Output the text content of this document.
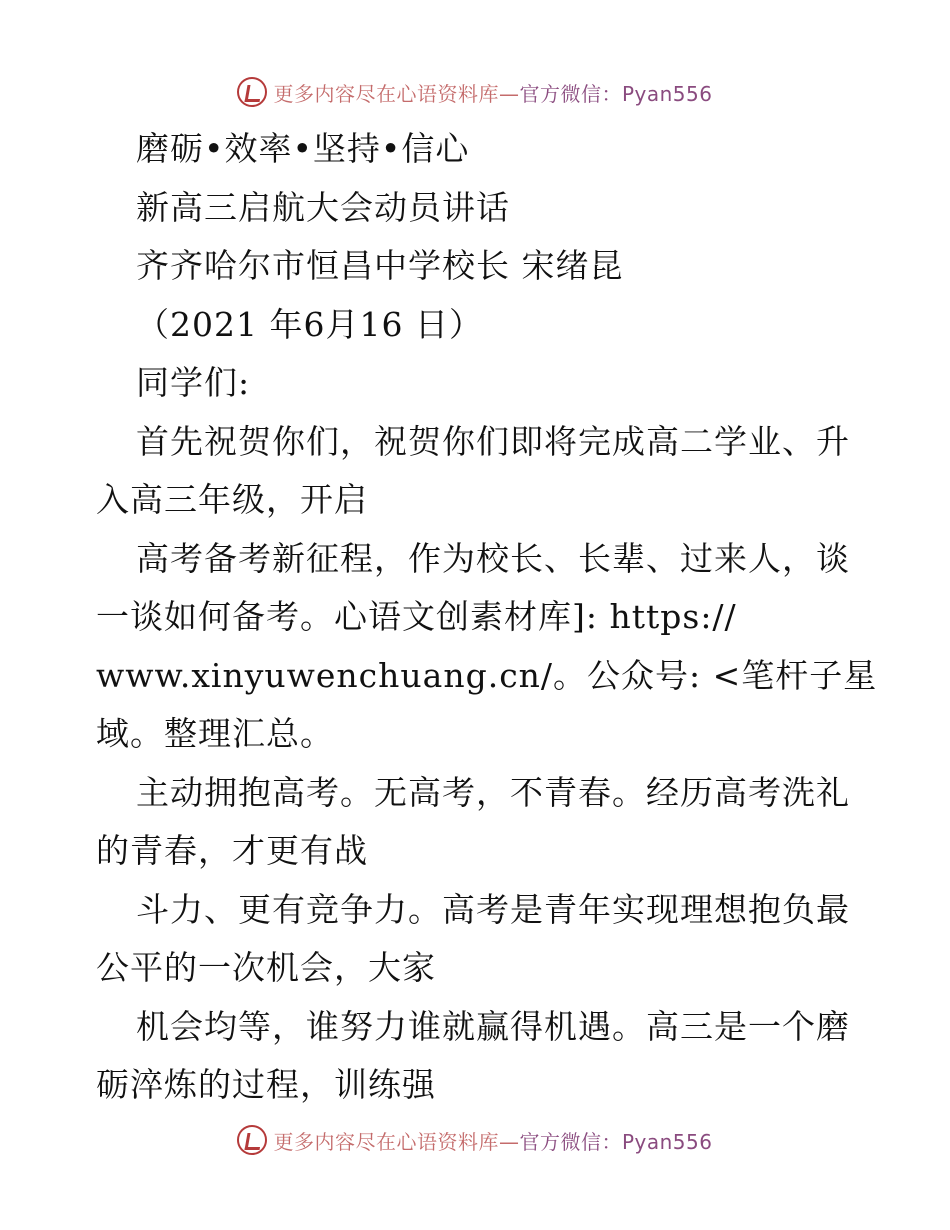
更多内容尽在心语资料库— 官方微信：Pyan556
磨砺•效率•坚持•信心
新高三启航大会动员讲话
齐齐哈尔市恒昌中学校长 宋绪昆
（2021 年6月16 日）
同学们:
首先祝贺你们，祝贺你们即将完成高二学业、升
入高三年级，开启
高考备考新征程，作为校长、长辈、过来人，谈
一谈如何备考。心语文创素材库]: https://
www.xinyuwenchuang.cn/。公众号: <笔杆子星
域。整理汇总。
主动拥抱高考。无高考，不青春。经历高考洗礼
的青春，才更有战
斗力、更有竞争力。高考是青年实现理想抱负最
公平的一次机会，大家
机会均等，谁努力谁就赢得机遇。高三是一个磨
砺淬炼的过程，训练强
更多内容尽在心语资料库— 官方微信：Pyan556
